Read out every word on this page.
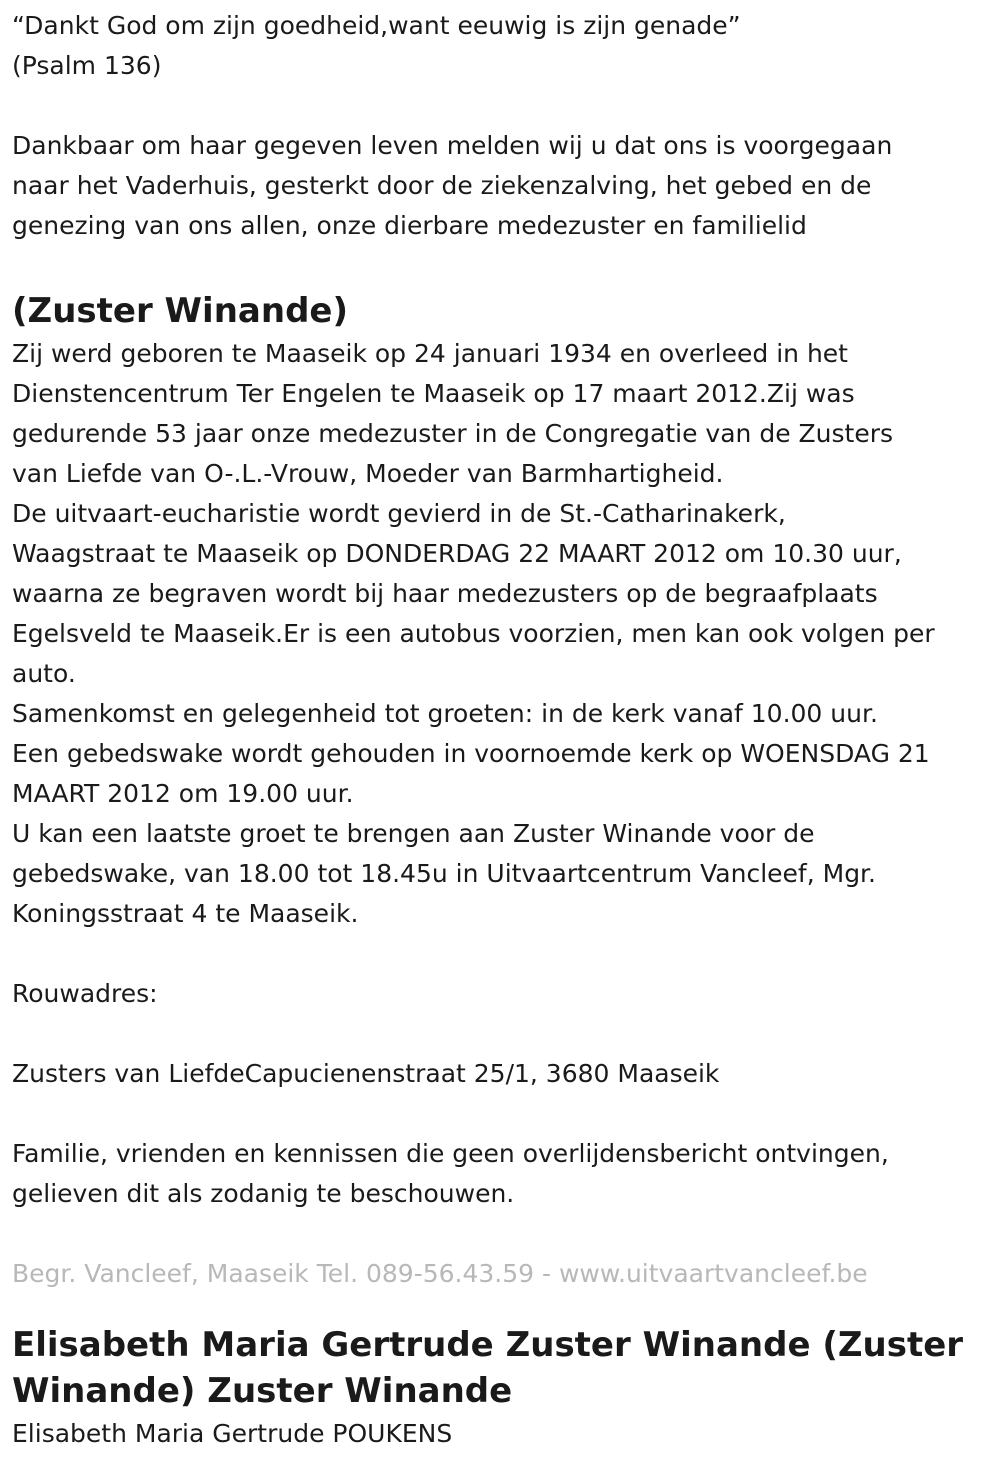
“Dankt God om zijn goedheid,want eeuwig is zijn genade”

(Psalm 136)

Dankbaar om haar gegeven leven melden wij u dat ons is voorgegaan

naar het Vaderhuis, gesterkt door de ziekenzalving, het gebed en de

genezing van ons allen, onze dierbare medezuster en familielid

(Zuster Winande)

Zij werd geboren te Maaseik op 24 januari 1934 en overleed in het

Dienstencentrum Ter Engelen te Maaseik op 17 maart 2012.Zij was

gedurende 53 jaar onze medezuster in de Congregatie van de Zusters

van Liefde van O-.L.-Vrouw, Moeder van Barmhartigheid.

De uitvaart-eucharistie wordt gevierd in de St.-Catharinakerk,

Waagstraat te Maaseik op DONDERDAG 22 MAART 2012 om 10.30 uur,

waarna ze begraven wordt bij haar medezusters op de begraafplaats

Egelsveld te Maaseik.Er is een autobus voorzien, men kan ook volgen per

auto.

Samenkomst en gelegenheid tot groeten: in de kerk vanaf 10.00 uur.

Een gebedswake wordt gehouden in voornoemde kerk op WOENSDAG 21

MAART 2012 om 19.00 uur.

U kan een laatste groet te brengen aan Zuster Winande voor de

gebedswake, van 18.00 tot 18.45u in Uitvaartcentrum Vancleef, Mgr.

Koningsstraat 4 te Maaseik.

Rouwadres:

Zusters van LiefdeCapucienenstraat 25/1, 3680 Maaseik

Familie, vrienden en kennissen die geen overlijdensbericht ontvingen,

gelieven dit als zodanig te beschouwen.

Begr. Vancleef, Maaseik Tel. 089-56.43.59 - www.uitvaartvancleef.be

Elisabeth Maria Gertrude Zuster Winande (Zuster

Winande) Zuster Winande

Elisabeth Maria Gertrude POUKENS
